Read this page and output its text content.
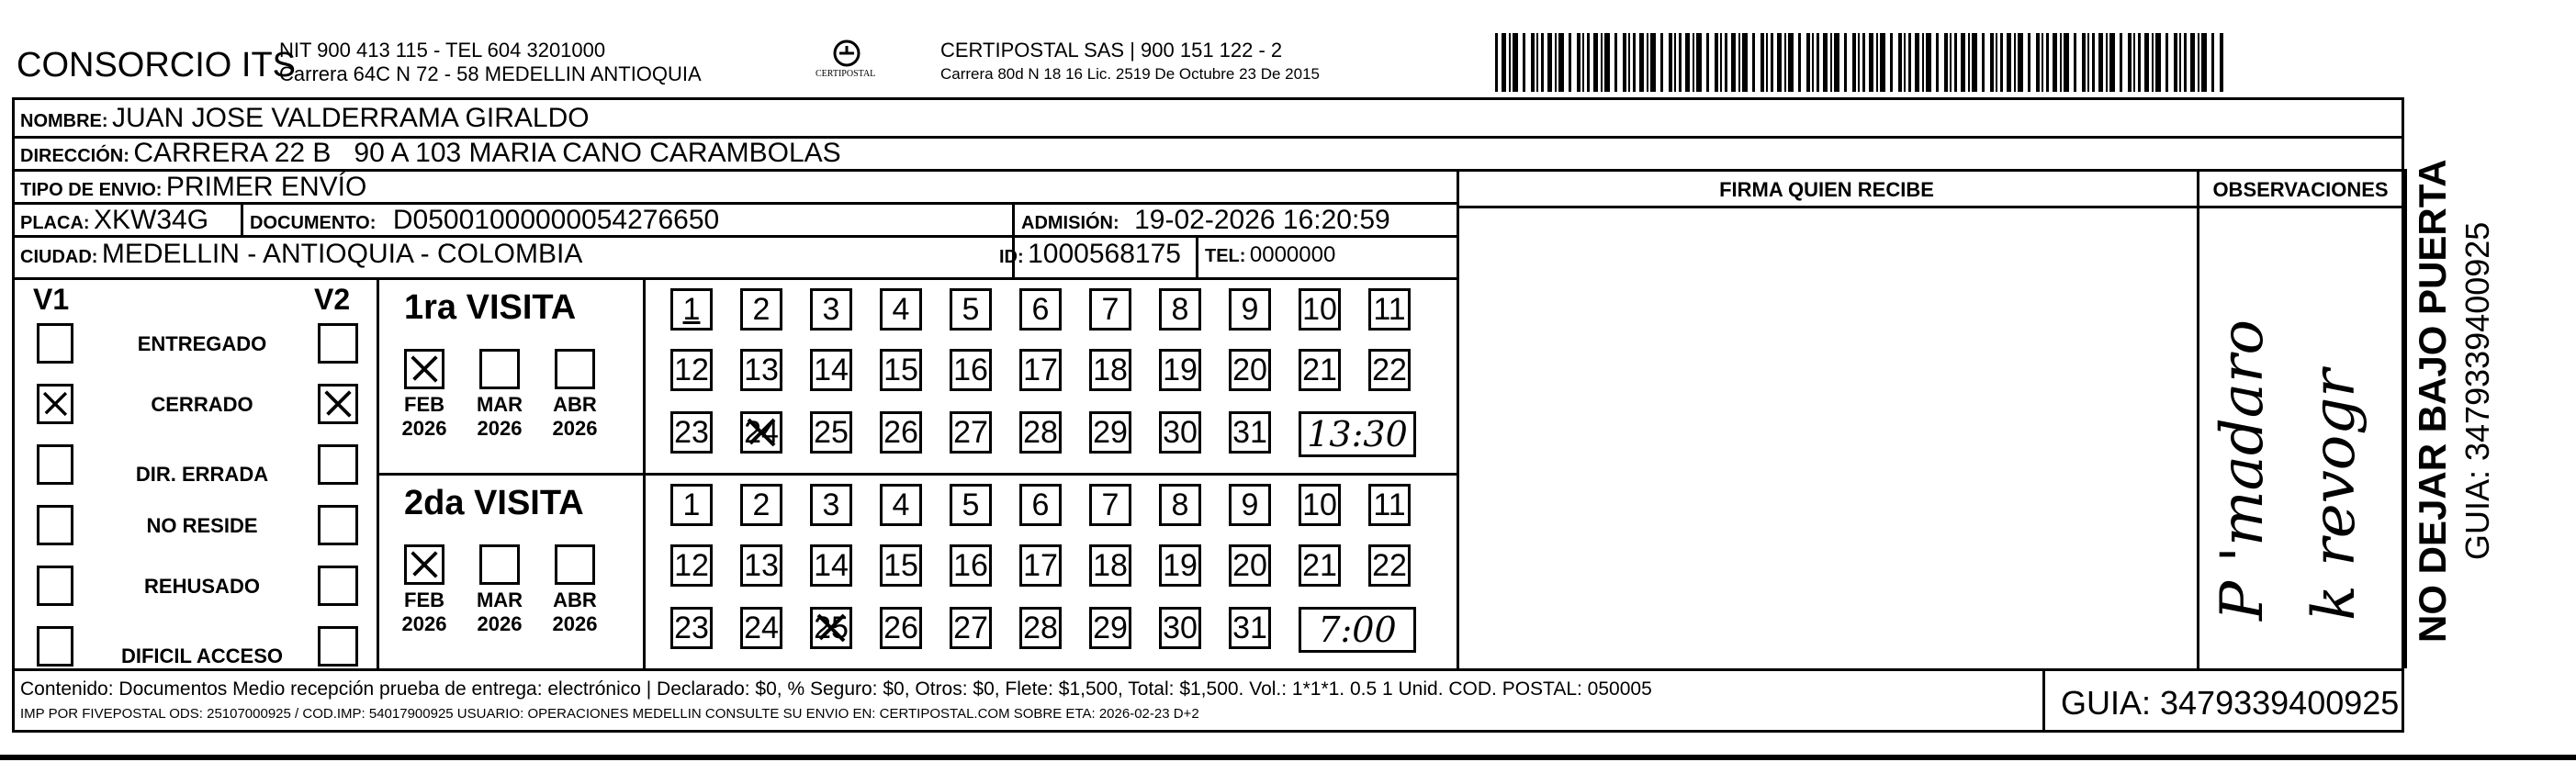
CONSORCIO ITS
NIT 900 413 115 - TEL 604 3201000
Carrera 64C N 72 - 58 MEDELLIN ANTIOQUIA	CERTIPOSTAL
CERTIPOSTAL SAS | 900 151 122 - 2
Carrera 80d N 18 16 Lic. 2519 De Octubre 23 De 2015
NOMBRE: JUAN JOSE VALDERRAMA GIRALDO
DIRECCIÓN: CARRERA 22 B   90 A 103 MARIA CANO CARAMBOLAS
TIPO DE ENVIO: PRIMER ENVÍO
PLACA: XKW34G DOCUMENTO: D05001000000054276650	ADMISIÓN: 19-02-2026 16:20:59
CIUDAD: MEDELLIN - ANTIOQUIA - COLOMBIA	ID: 1000568175 TEL: 0000000
FIRMA QUIEN RECIBE	OBSERVACIONES
P 'madaro k revogr NO DEJAR BAJO PUERTA GUIA: 3479339400925
V1	V2
ENTREGADO
CERRADO
DIR. ERRADA
NO RESIDE
REHUSADO
DIFICIL ACCESO
1ra VISITA
FEB
2026
MAR
2026
ABR
2026
1 2 3 4 5 6 7 8 9 10 11
12 13 14 15 16 17 18 19 20 21 22
23 24 25 26 27 28 29 30 31 13:30
2da VISITA
FEB
2026
MAR
2026
ABR
2026
1 2 3 4 5 6 7 8 9 10 11
12 13 14 15 16 17 18 19 20 21 22
23 24 25 26 27 28 29 30 31 7:00
Contenido: Documentos Medio recepción prueba de entrega: electrónico | Declarado: $0, % Seguro: $0, Otros: $0, Flete: $1,500, Total: $1,500. Vol.: 1*1*1. 0.5 1 Unid. COD. POSTAL: 050005
IMP POR FIVEPOSTAL ODS: 25107000925 / COD.IMP: 54017900925 USUARIO: OPERACIONES MEDELLIN CONSULTE SU ENVIO EN: CERTIPOSTAL.COM SOBRE ETA: 2026-02-23 D+2	GUIA: 3479339400925
